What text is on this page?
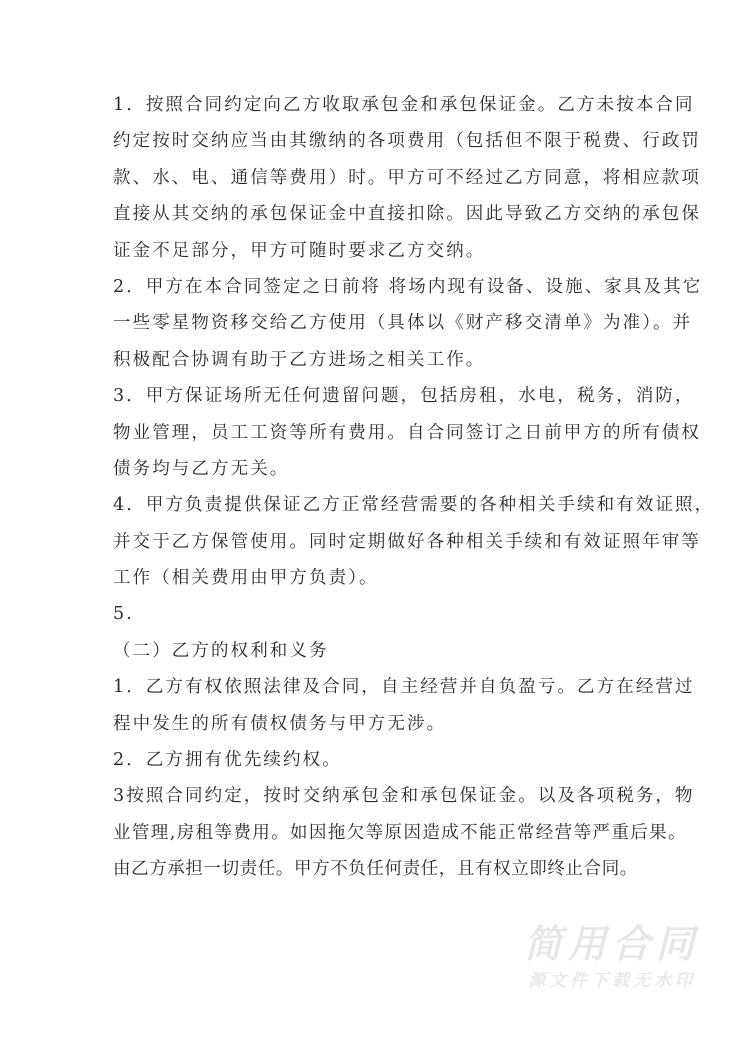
1．按照合同约定向乙方收取承包金和承包保证金。乙方未按本合同
约定按时交纳应当由其缴纳的各项费用（包括但不限于税费、行政罚
款、水、电、通信等费用）时。甲方可不经过乙方同意，将相应款项
直接从其交纳的承包保证金中直接扣除。因此导致乙方交纳的承包保
证金不足部分，甲方可随时要求乙方交纳。
2．甲方在本合同签定之日前将 将场内现有设备、设施、家具及其它
一些零星物资移交给乙方使用（具体以《财产移交清单》为准）。并
积极配合协调有助于乙方进场之相关工作。
3．甲方保证场所无任何遗留问题，包括房租，水电，税务，消防，
物业管理，员工工资等所有费用。自合同签订之日前甲方的所有债权
债务均与乙方无关。
4．甲方负责提供保证乙方正常经营需要的各种相关手续和有效证照，
并交于乙方保管使用。同时定期做好各种相关手续和有效证照年审等
工作（相关费用由甲方负责）。
5.
（二）乙方的权利和义务
1．乙方有权依照法律及合同，自主经营并自负盈亏。乙方在经营过
程中发生的所有债权债务与甲方无涉。
2．乙方拥有优先续约权。
3按照合同约定，按时交纳承包金和承包保证金。以及各项税务，物
业管理,房租等费用。如因拖欠等原因造成不能正常经营等严重后果。
由乙方承担一切责任。甲方不负任何责任，且有权立即终止合同。
简用合同
源文件下载无水印
